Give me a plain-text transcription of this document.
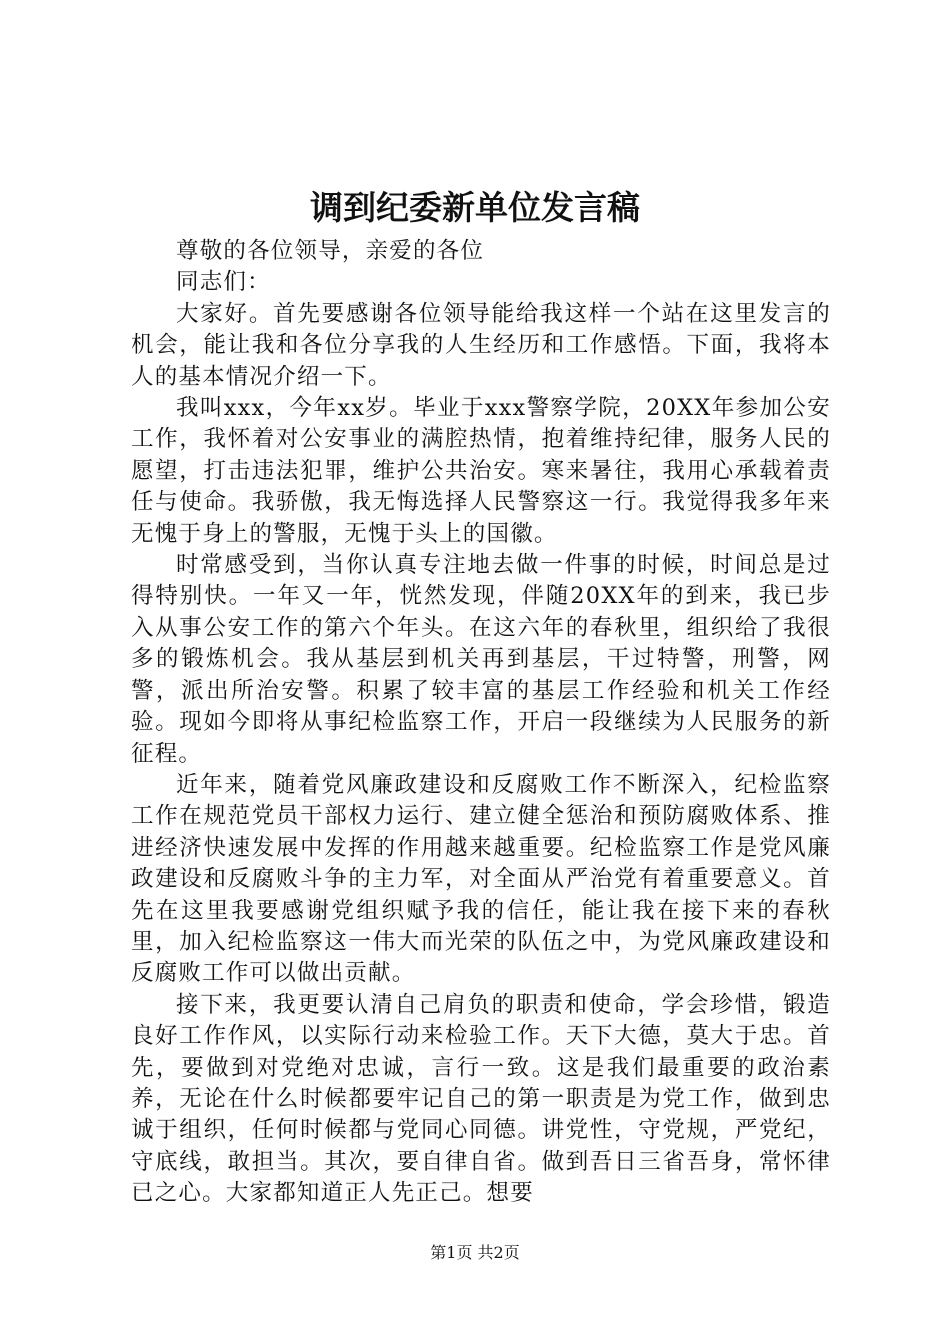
调到纪委新单位发言稿

尊敬的各位领导，亲爱的各位

同志们：

大家好。首先要感谢各位领导能给我这样一个站在这里发言的机会，能让我和各位分享我的人生经历和工作感悟。下面，我将本人的基本情况介绍一下。

我叫xxx，今年xx岁。毕业于xxx警察学院，20XX年参加公安工作，我怀着对公安事业的满腔热情，抱着维持纪律，服务人民的愿望，打击违法犯罪，维护公共治安。寒来暑往，我用心承载着责任与使命。我骄傲，我无悔选择人民警察这一行。我觉得我多年来无愧于身上的警服，无愧于头上的国徽。

时常感受到，当你认真专注地去做一件事的时候，时间总是过得特别快。一年又一年，恍然发现，伴随20XX年的到来，我已步入从事公安工作的第六个年头。在这六年的春秋里，组织给了我很多的锻炼机会。我从基层到机关再到基层，干过特警，刑警，网警，派出所治安警。积累了较丰富的基层工作经验和机关工作经验。现如今即将从事纪检监察工作，开启一段继续为人民服务的新征程。

近年来，随着党风廉政建设和反腐败工作不断深入，纪检监察工作在规范党员干部权力运行、建立健全惩治和预防腐败体系、推进经济快速发展中发挥的作用越来越重要。纪检监察工作是党风廉政建设和反腐败斗争的主力军，对全面从严治党有着重要意义。首先在这里我要感谢党组织赋予我的信任，能让我在接下来的春秋里，加入纪检监察这一伟大而光荣的队伍之中，为党风廉政建设和反腐败工作可以做出贡献。

接下来，我更要认清自己肩负的职责和使命，学会珍惜，锻造良好工作作风，以实际行动来检验工作。天下大德，莫大于忠。首先，要做到对党绝对忠诚，言行一致。这是我们最重要的政治素养，无论在什么时候都要牢记自己的第一职责是为党工作，做到忠诚于组织，任何时候都与党同心同德。讲党性，守党规，严党纪，守底线，敢担当。其次，要自律自省。做到吾日三省吾身，常怀律已之心。大家都知道正人先正己。想要

第1页 共2页
